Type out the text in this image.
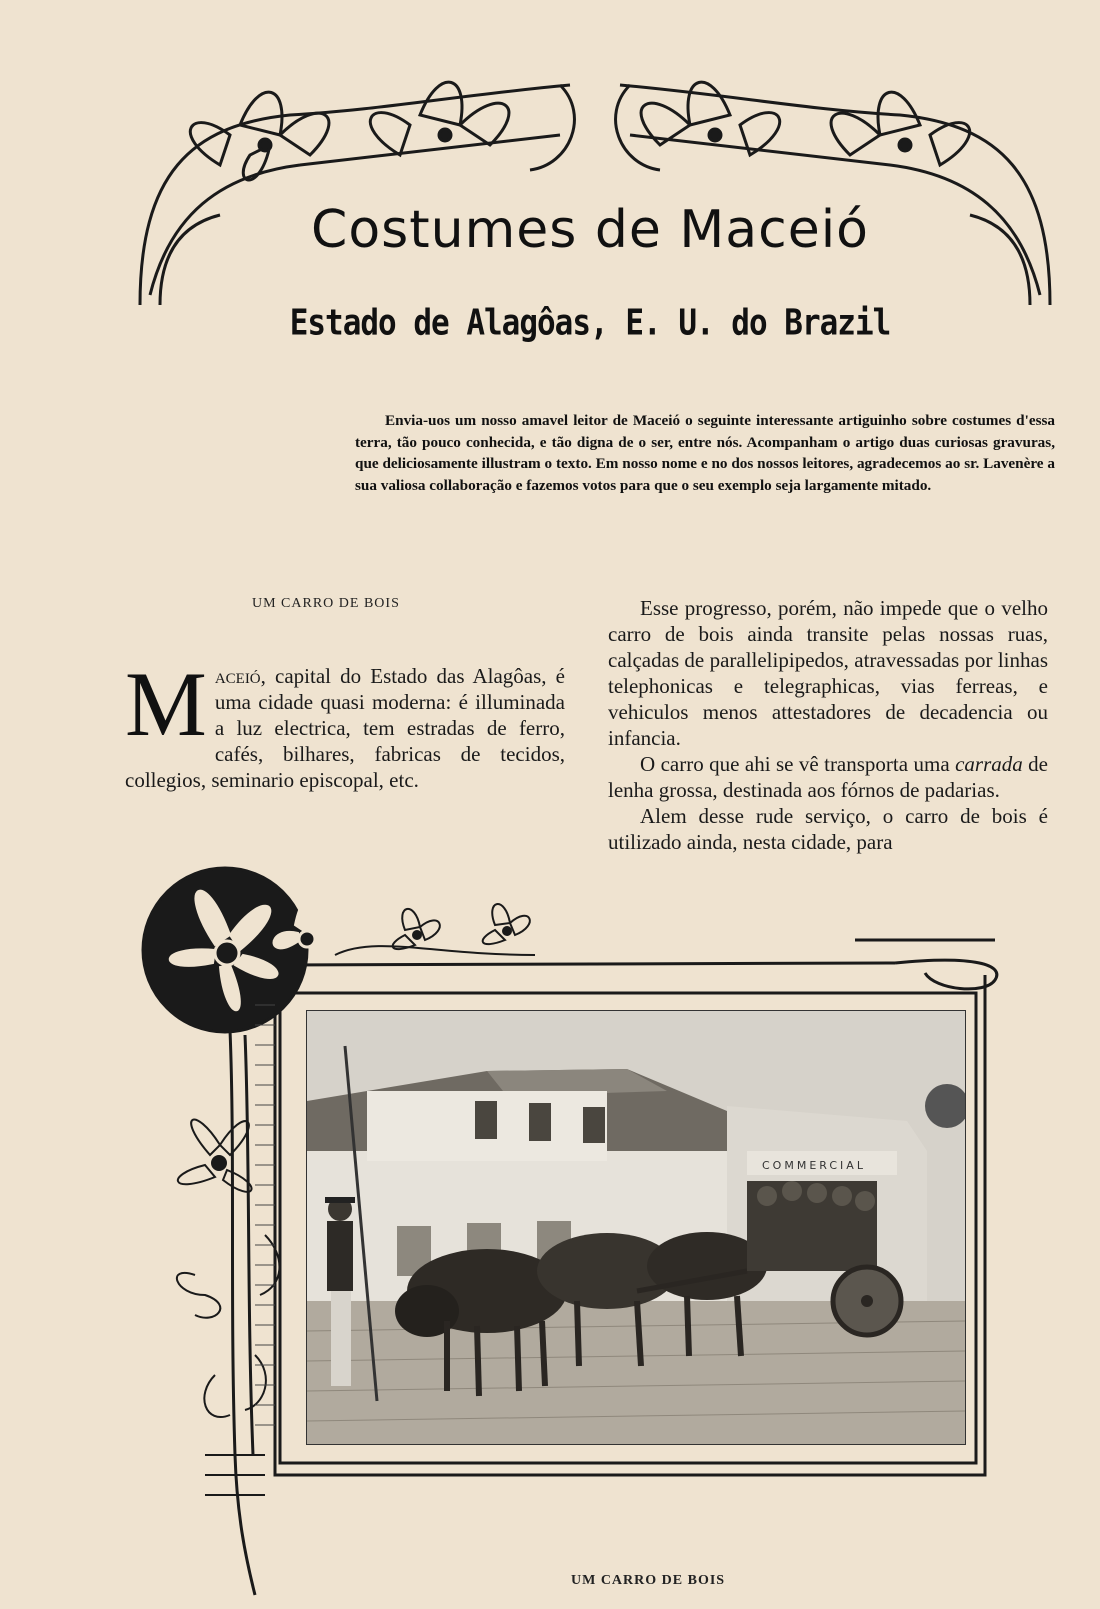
Costumes de Maceió
Estado de Alagôas, E. U. do Brazil

Envia-uos um nosso amavel leitor de Maceió o seguinte interessante artiguinho sobre costumes d'essa terra, tão pouco conhecida, e tão digna de o ser, entre nós. Acompanham o artigo duas curiosas gravuras, que deliciosamente illustram o texto. Em nosso nome e no dos nossos leitores, agradecemos ao sr. Lavenère a sua valiosa collaboração e fazemos votos para que o seu exemplo seja largamente mitado.

UM CARRO DE BOIS

Maceió, capital do Estado das Alagôas, é uma cidade quasi moderna: é illuminada a luz electrica, tem estradas de ferro, cafés, bilhares, fabricas de tecidos, collegios, seminario episcopal, etc.

Esse progresso, porém, não impede que o velho carro de bois ainda transite pelas nossas ruas, calçadas de parallelipipedos, atravessadas por linhas telephonicas e telegraphicas, vias ferreas, e vehiculos menos attestadores de decadencia ou infancia.

O carro que ahi se vê transporta uma carrada de lenha grossa, destinada aos fórnos de padarias.

Alem desse rude serviço, o carro de bois é utilizado ainda, nesta cidade, para

COMMERCIAL
UM CARRO DE BOIS
